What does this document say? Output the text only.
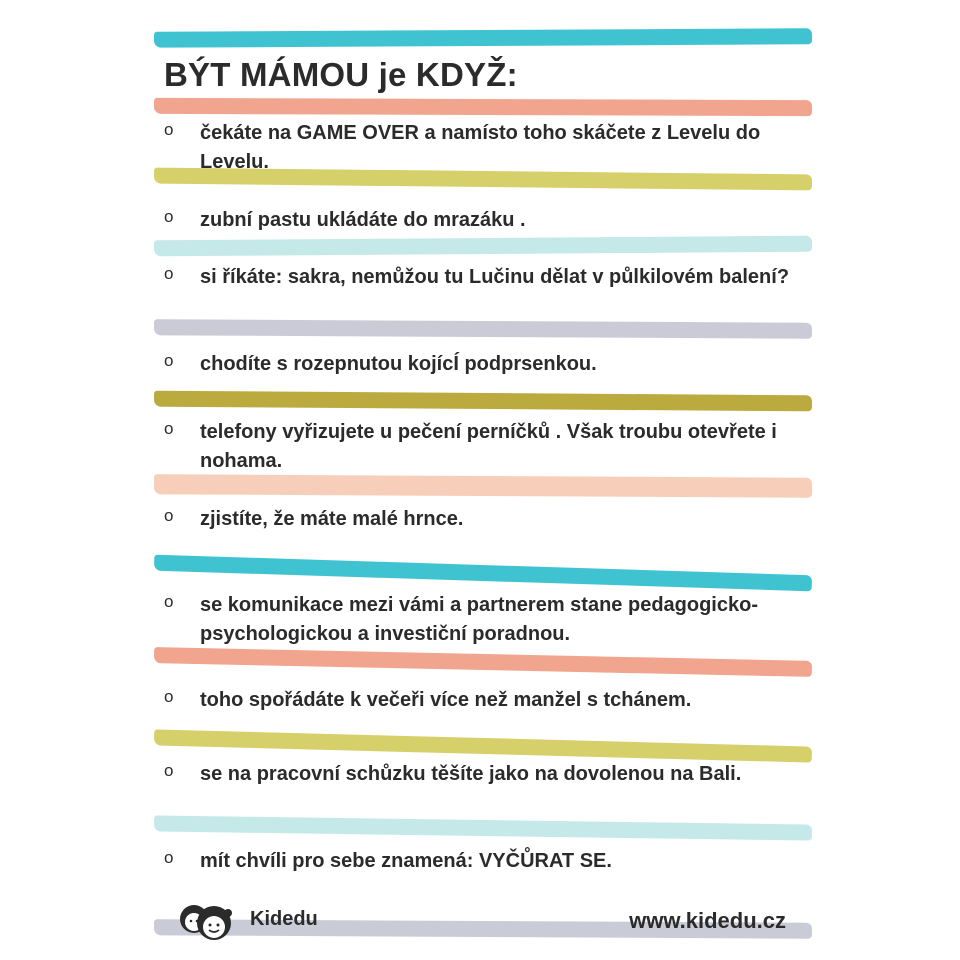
BÝT MÁMOU je KDYŽ:
o čekáte na GAME OVER a namísto toho skáčete z Levelu do Levelu.

o zubní pastu ukládáte do mrazáku .

o si říkáte: sakra, nemůžou tu Lučinu dělat v půlkilovém balení?

o chodíte s rozepnutou kojícÍ podprsenkou.

o telefony vyřizujete u pečení perníčků . Však troubu otevřete i nohama.

o zjistíte, že máte malé hrnce.

o se komunikace mezi vámi a partnerem stane pedagogicko-psychologickou a investiční poradnou.

o toho spořádáte k večeři více než manžel s tchánem.

o se na pracovní schůzku těšíte jako na dovolenou na Bali.

o mít chvíli pro sebe znamená: VYČŮRAT SE.

Kidedu	www.kidedu.cz
